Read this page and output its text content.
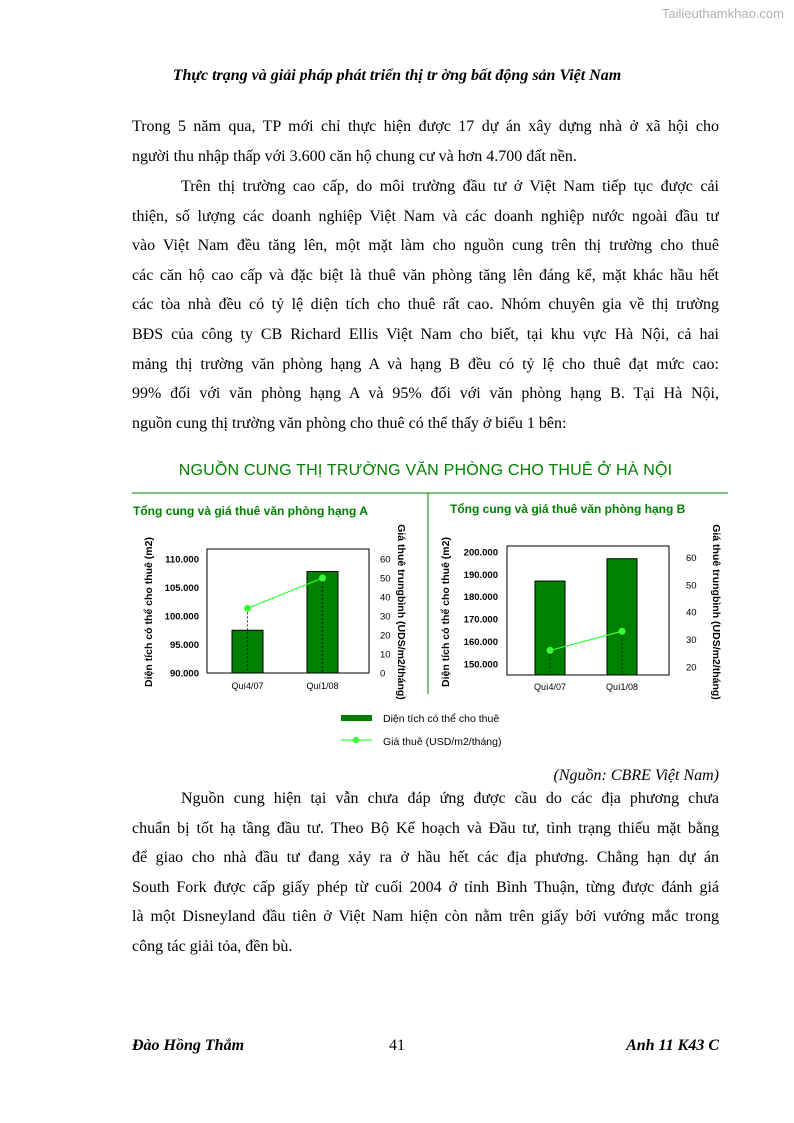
Tailieuthamkhao.com
Thực trạng và giải pháp phát triển thị tr ờng bất động sản Việt Nam
Trong 5 năm qua, TP mới chỉ thực hiện được 17 dự án xây dựng nhà ở xã hội cho
người thu nhập thấp với 3.600 căn hộ chung cư và hơn 4.700 đất nền.
Trên thị trường cao cấp, do môi trường đầu tư ở Việt Nam tiếp tục được cải
thiện, số lượng các doanh nghiệp Việt Nam và các doanh nghiệp nước ngoài đầu tư
vào Việt Nam đều tăng lên, một mặt làm cho nguồn cung trên thị trường cho thuê
các căn hộ cao cấp và đặc biệt là thuê văn phòng tăng lên đáng kể, mặt khác hầu hết
các tòa nhà đều có tỷ lệ diện tích cho thuê rất cao. Nhóm chuyên gia về thị trường
BĐS của công ty CB Richard Ellis Việt Nam cho biết, tại khu vực Hà Nội, cả hai
mảng thị trường văn phòng hạng A và hạng B đều có tỷ lệ cho thuê đạt mức cao:
99% đối với văn phòng hạng A và 95% đối với văn phòng hạng B. Tại Hà Nội,
nguồn cung thị trường văn phòng cho thuê có thể thấy ở biểu 1 bên:
NGUỒN CUNG THỊ TRƯỜNG VĂN PHÒNG CHO THUÊ Ở HÀ NỘI
Tổng cung và giá thuê văn phòng hạng A
Diện tích có thể cho thuê (m2)	Giá thuê trungbình (UDS/m2/tháng)
110.000
105.000
100.000
95.000
90.000
60
50
40
30
20
10
0
Quí4/07	Quí1/08
Tổng cung và giá thuê văn phòng hạng B
Diện tích có thể cho thuê (m2)	Giá thuê trungbình (UDS/m2/tháng)
200.000
190.000
180.000
170.000
160.000
150.000
60
50
40
30
20
Quí4/07	Quí1/08
Diện tích có thể cho thuê
Giá thuê (USD/m2/tháng)
(Nguồn: CBRE Việt Nam)
Nguồn cung hiện tại vẫn chưa đáp ứng được cầu do các địa phương chưa
chuẩn bị tốt hạ tầng đầu tư. Theo Bộ Kế hoạch và Đầu tư, tình trạng thiếu mặt bằng
để giao cho nhà đầu tư đang xảy ra ở hầu hết các địa phương. Chẳng hạn dự án
South Fork được cấp giấy phép từ cuối 2004 ở tỉnh Bình Thuận, từng được đánh giá
là một Disneyland đầu tiên ở Việt Nam hiện còn nằm trên giấy bởi vướng mắc trong
công tác giải tỏa, đền bù.
Đào Hồng Thắm	41	Anh 11 K43 C
